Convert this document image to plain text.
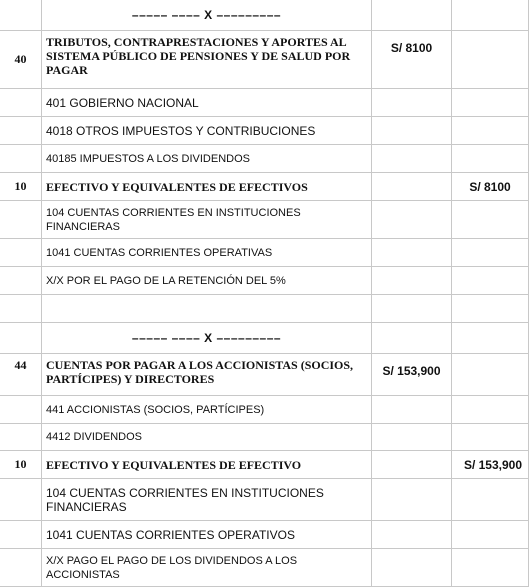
	––––– –––– X –––––––––		
40	TRIBUTOS, CONTRAPRESTACIONES Y APORTES AL SISTEMA PÚBLICO DE PENSIONES Y DE SALUD POR PAGAR	S/ 8100	
	401 GOBIERNO NACIONAL		
	4018 OTROS IMPUESTOS Y CONTRIBUCIONES		
	40185 IMPUESTOS A LOS DIVIDENDOS		
10	EFECTIVO Y EQUIVALENTES DE EFECTIVOS		S/ 8100
	104 CUENTAS CORRIENTES EN INSTITUCIONES FINANCIERAS		
	1041 CUENTAS CORRIENTES OPERATIVAS		
	X/X POR EL PAGO DE LA RETENCIÓN DEL 5%		

	––––– –––– X –––––––––		
44	CUENTAS POR PAGAR A LOS ACCIONISTAS (SOCIOS, PARTÍCIPES) Y DIRECTORES	S/ 153,900	
	441 ACCIONISTAS (SOCIOS, PARTÍCIPES)		
	4412 DIVIDENDOS		
10	EFECTIVO Y EQUIVALENTES DE EFECTIVO		S/ 153,900
	104 CUENTAS CORRIENTES EN INSTITUCIONES FINANCIERAS		
	1041 CUENTAS CORRIENTES OPERATIVOS		
	X/X PAGO EL PAGO DE LOS DIVIDENDOS A LOS ACCIONISTAS		
